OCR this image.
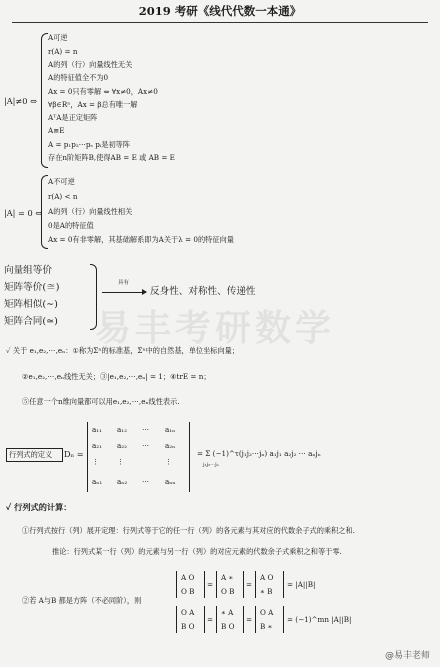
2019 考研《线代代数一本通》
|A|≠0 ⇔
A可逆
r(A) = n
A的列（行）向量线性无关
A的特征值全不为0
Ax = 0只有零解 ⇔ ∀x≠0，Ax≠0
∀β∈Rⁿ，Ax = β总有唯一解
AᵀA是正定矩阵
A≅E
A = p₁p₂⋯pₛ pᵢ是初等阵
存在n阶矩阵B,使得AB = E 或 AB = E
|A| = 0 ⇔
A不可逆
r(A) < n
A的列（行）向量线性相关
0是A的特征值
Ax = 0有非零解，其基础解系即为A关于λ = 0的特征向量
向量组等价
矩阵等价(≅)
矩阵相似(∼)
矩阵合同(≃)
具有
反身性、对称性、传递性
✓ 关于 e₁,e₂,⋯,eₙ：①称为Σⁿ的标准基，Σⁿ中的自然基，单位坐标向量；
②e₁,e₂,⋯,eₙ线性无关；③|e₁,e₂,⋯,eₙ| = 1；④trE = n；
⑤任意一个n维向量都可以用e₁,e₂,⋯,eₙ线性表示.
行列式的定义 Dₙ =	= Σ (−1)^τ(j₁j₂⋯jₙ) a₁j₁ a₂j₂ ⋯ aₙjₙ
j₁j₂⋯jₙ
✓ 行列式的计算：
①行列式按行（列）展开定理：行列式等于它的任一行（列）的各元素与其对应的代数余子式的乘积之和.
推论：行列式某一行（列）的元素与另一行（列）的对应元素的代数余子式乘积之和等于零.
②若 A与B 都是方阵（不必同阶），则
A O
O B
=
A ∗
O B
=
A O
∗ B
= |A||B|
O A
B O
=
∗ A
B O
=
O A
B ∗
= (−1)^mn |A||B|
易丰考研数学
@易丰老师
a₁₁ a₁₂ ⋯ a₁ₙ
a₂₁ a₂₂ ⋯ a₂ₙ
⋮ ⋮	⋮
aₙ₁ aₙ₂ ⋯ aₙₙ
